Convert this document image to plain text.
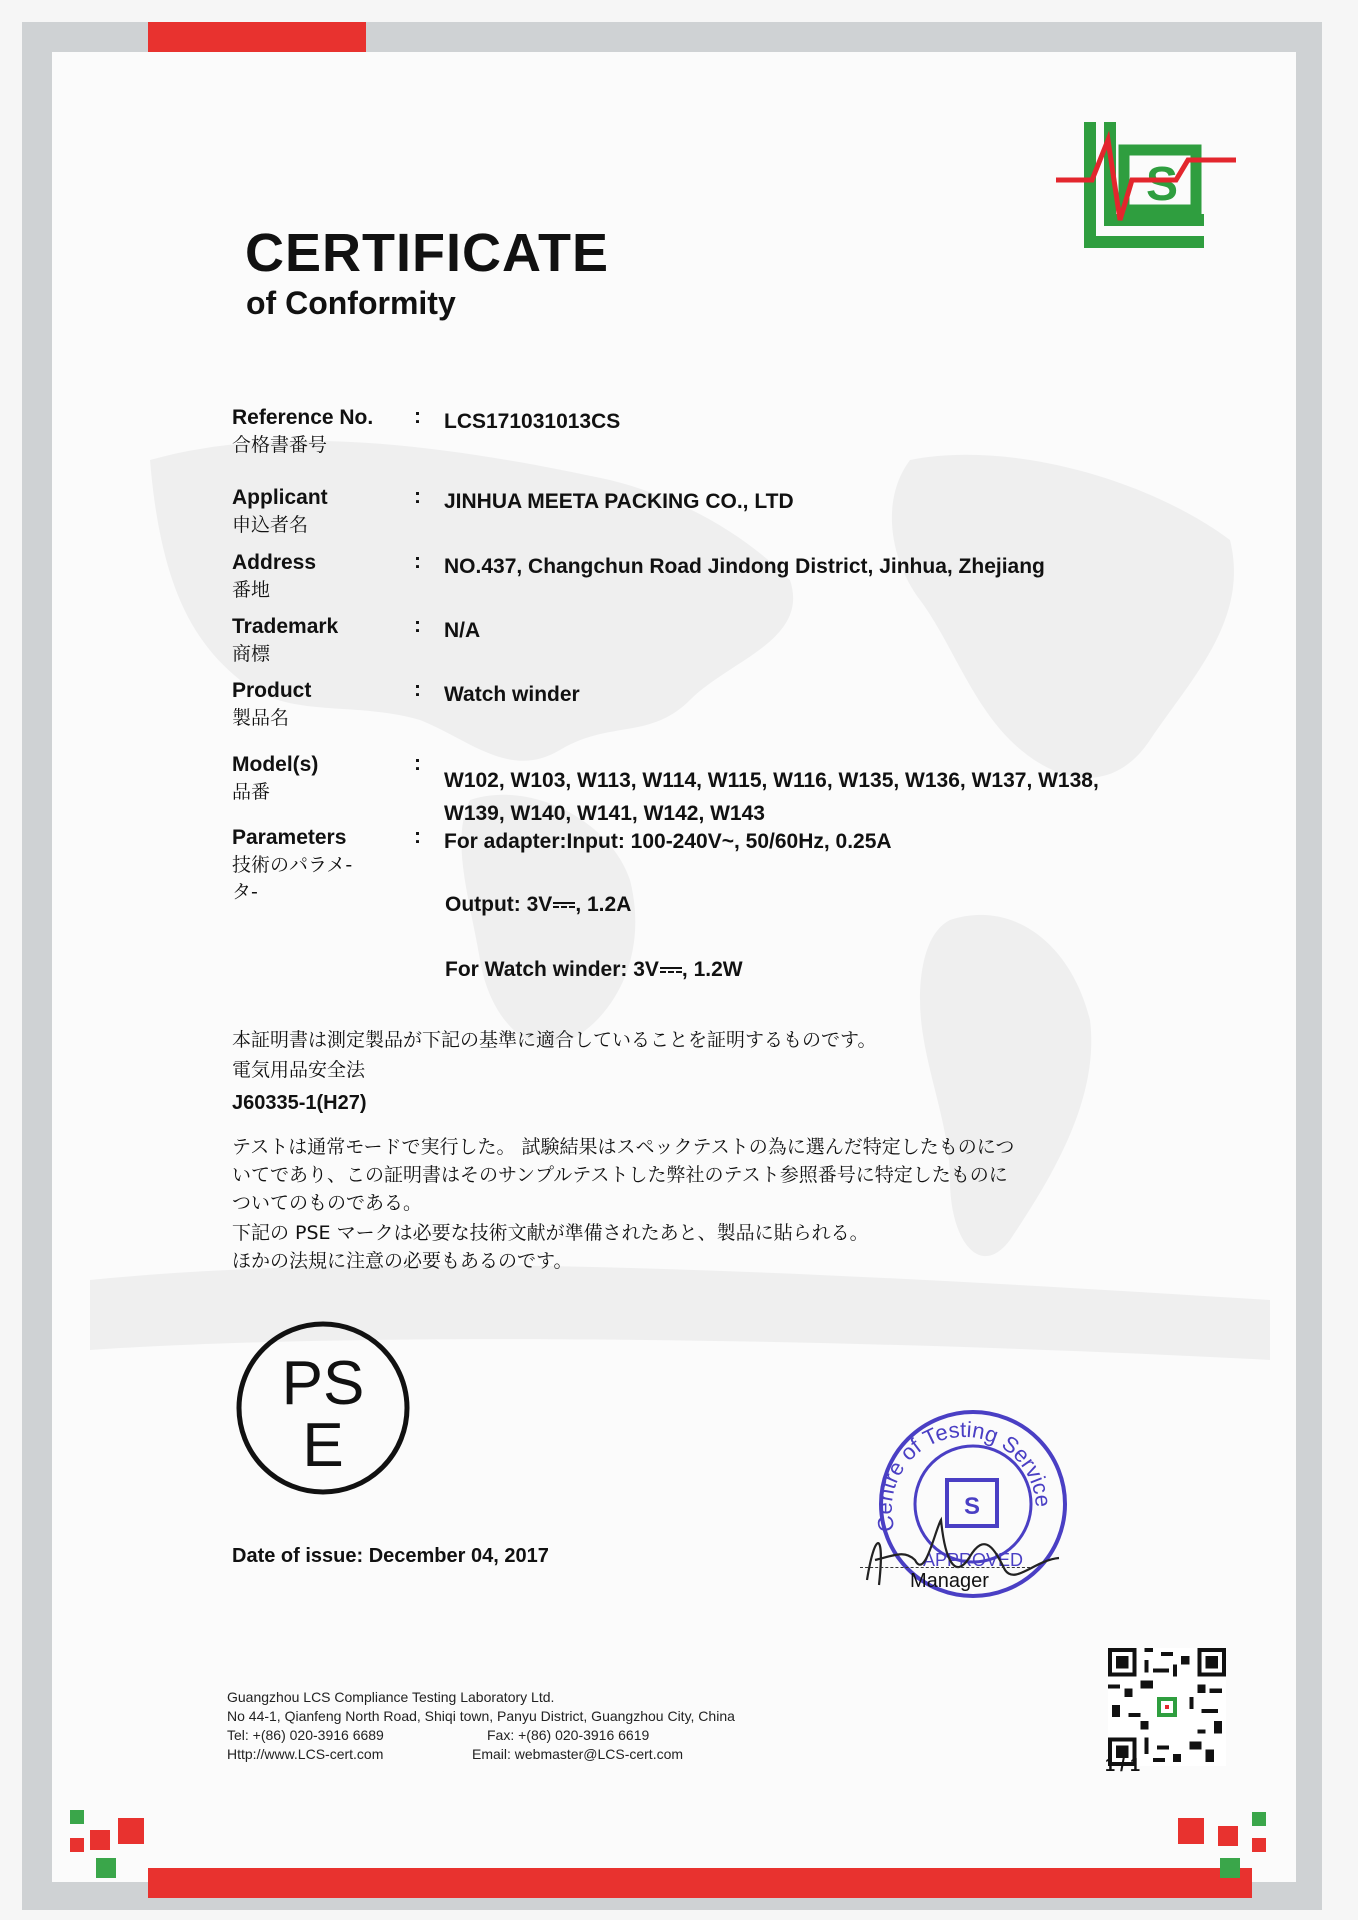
S
CERTIFICATE
of Conformity
Reference No.
合格書番号
: LCS171031013CS
Applicant
申込者名
: JINHUA MEETA PACKING CO., LTD
Address
番地
: NO.437, Changchun Road Jindong District, Jinhua, Zhejiang
Trademark
商標
: N/A
Product
製品名
: Watch winder
Model(s)
品番
:
W102, W103, W113, W114, W115, W116, W135, W136, W137, W138,
W139, W140, W141, W142, W143
Parameters
技術のパラメ-
タ-
: For adapter:Input: 100-240V~, 50/60Hz, 0.25A
Output: 3V , 1.2A
For Watch winder: 3V , 1.2W
本証明書は測定製品が下記の基準に適合していることを証明するものです。
電気用品安全法
J60335-1(H27)
テストは通常モードで実行した。 試験結果はスペックテストの為に選んだ特定したものにつ
いてであり、この証明書はそのサンプルテストした弊社のテスト参照番号に特定したものに
ついてのものである。
下記の PSE マークは必要な技術文献が準備されたあと、製品に貼られる。
ほかの法規に注意の必要もあるのです。
PS
E
Date of issue: December 04, 2017
Centre of Testing Service
S
APPROVED
Manager
Guangzhou LCS Compliance Testing Laboratory Ltd.
No 44-1, Qianfeng North Road, Shiqi town, Panyu District, Guangzhou City, China
Tel: +(86) 020-3916 6689	Fax: +(86) 020-3916 6619
Http://www.LCS-cert.com	Email: webmaster@LCS-cert.com
1 / 1
